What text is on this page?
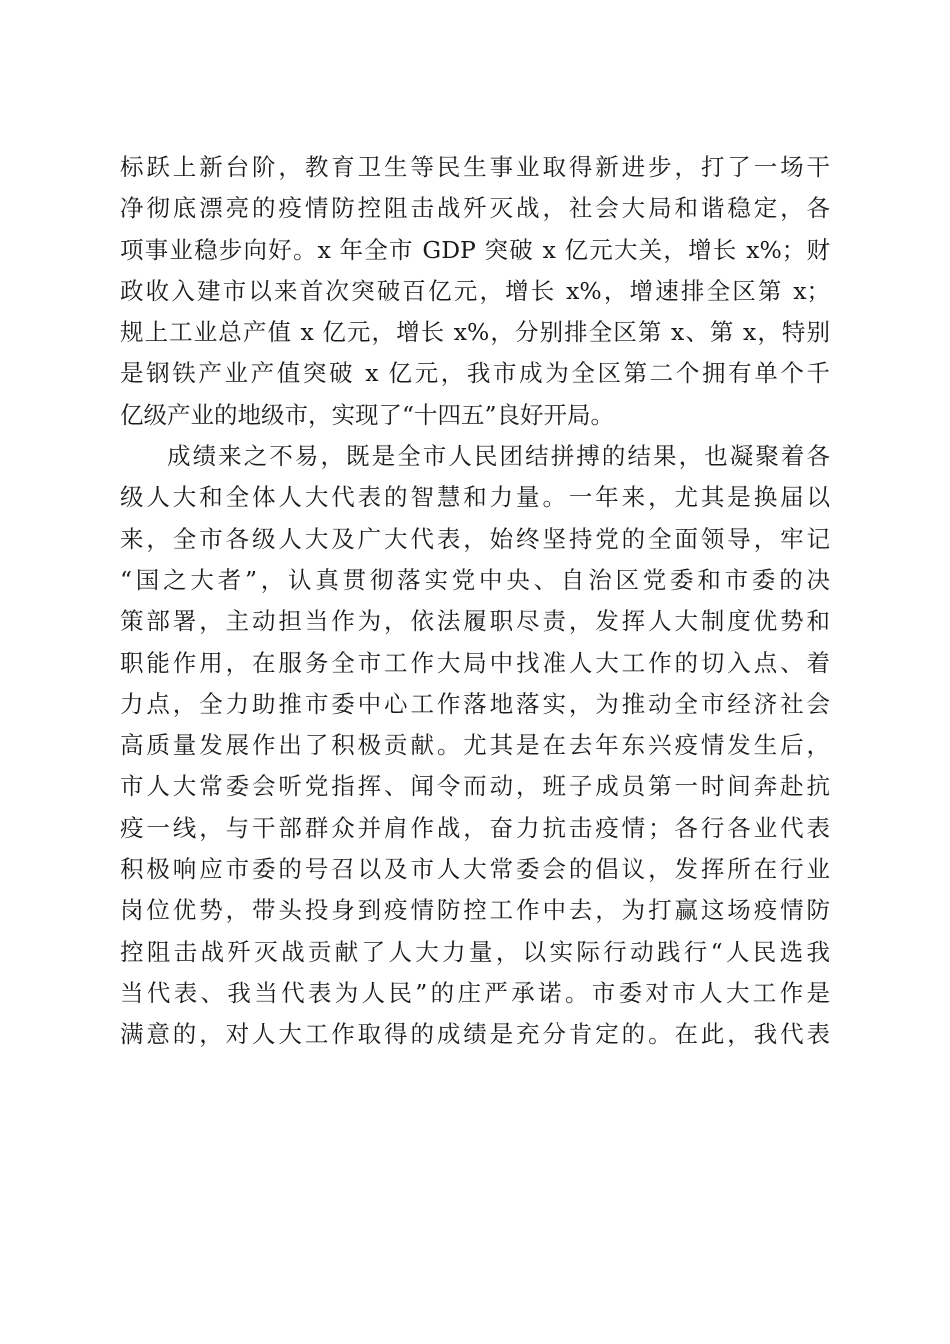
标跃上新台阶，教育卫生等民生事业取得新进步，打了一场干
净彻底漂亮的疫情防控阻击战歼灭战，社会大局和谐稳定，各
项事业稳步向好。x 年全市 GDP 突破 x 亿元大关，增长 x%；财
政收入建市以来首次突破百亿元，增长 x%，增速排全区第 x；
规上工业总产值 x 亿元，增长 x%，分别排全区第 x、第 x，特别
是钢铁产业产值突破 x 亿元，我市成为全区第二个拥有单个千
亿级产业的地级市，实现了“十四五”良好开局。

成绩来之不易，既是全市人民团结拼搏的结果，也凝聚着各
级人大和全体人大代表的智慧和力量。一年来，尤其是换届以
来，全市各级人大及广大代表，始终坚持党的全面领导，牢记
“国之大者”，认真贯彻落实党中央、自治区党委和市委的决
策部署，主动担当作为，依法履职尽责，发挥人大制度优势和
职能作用，在服务全市工作大局中找准人大工作的切入点、着
力点，全力助推市委中心工作落地落实，为推动全市经济社会
高质量发展作出了积极贡献。尤其是在去年东兴疫情发生后，
市人大常委会听党指挥、闻令而动，班子成员第一时间奔赴抗
疫一线，与干部群众并肩作战，奋力抗击疫情；各行各业代表
积极响应市委的号召以及市人大常委会的倡议，发挥所在行业
岗位优势，带头投身到疫情防控工作中去，为打赢这场疫情防
控阻击战歼灭战贡献了人大力量，以实际行动践行“人民选我
当代表、我当代表为人民”的庄严承诺。市委对市人大工作是
满意的，对人大工作取得的成绩是充分肯定的。在此，我代表
